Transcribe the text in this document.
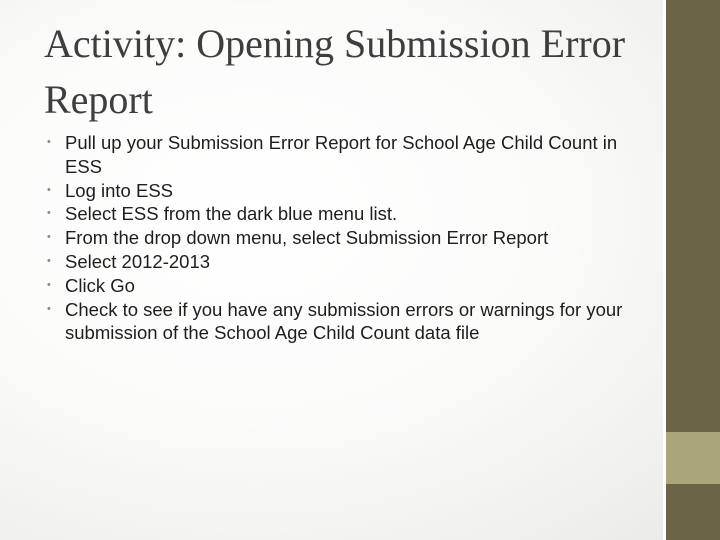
Activity: Opening Submission Error Report
• Pull up your Submission Error Report for School Age Child Count in ESS
• Log into ESS
• Select ESS from the dark blue menu list.
• From the drop down menu, select Submission Error Report
• Select 2012-2013
• Click Go
• Check to see if you have any submission errors or warnings for your submission of the School Age Child Count data file
